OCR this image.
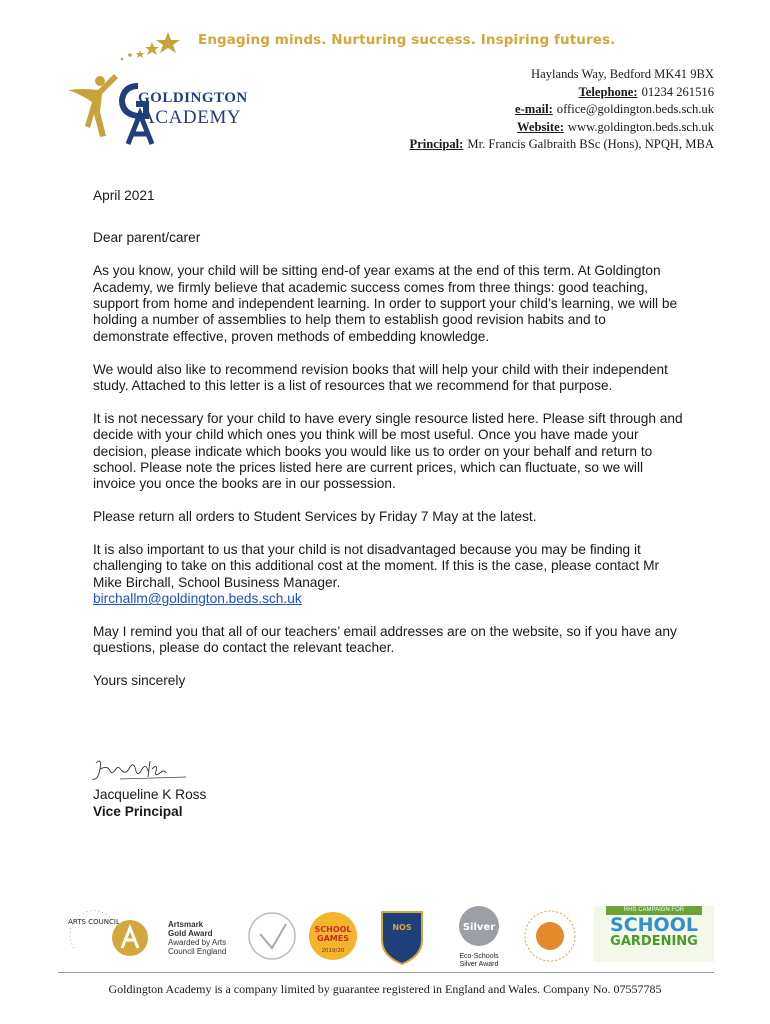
Engaging minds. Nurturing success. Inspiring futures.
GOLDINGTON
ACADEMY
Haylands Way, Bedford MK41 9BX
Telephone: 01234 261516
e-mail: office@goldington.beds.sch.uk
Website: www.goldington.beds.sch.uk
Principal: Mr. Francis Galbraith BSc (Hons), NPQH, MBA

April 2021

Dear parent/carer

As you know, your child will be sitting end-of year exams at the end of this term. At Goldington Academy, we firmly believe that academic success comes from three things: good teaching, support from home and independent learning. In order to support your child’s learning, we will be holding a number of assemblies to help them to establish good revision habits and to demonstrate effective, proven methods of embedding knowledge.

We would also like to recommend revision books that will help your child with their independent study. Attached to this letter is a list of resources that we recommend for that purpose.

It is not necessary for your child to have every single resource listed here. Please sift through and decide with your child which ones you think will be most useful. Once you have made your decision, please indicate which books you would like us to order on your behalf and return to school. Please note the prices listed here are current prices, which can fluctuate, so we will invoice you once the books are in our possession.

Please return all orders to Student Services by Friday 7 May at the latest.

It is also important to us that your child is not disadvantaged because you may be finding it challenging to take on this additional cost at the moment. If this is the case, please contact Mr Mike Birchall, School Business Manager.

birchallm@goldington.beds.sch.uk

May I remind you that all of our teachers’ email addresses are on the website, so if you have any questions, please do contact the relevant teacher.

Yours sincerely

Jacqueline K Ross
Vice Principal
ARTS COUNCIL	Artsmark
Gold Award
Awarded by Arts
Council England
SCHOOL
GAMES
2019/20
NOS	Silver
Eco-Schools
Silver Award
RHS CAMPAIGN FOR
SCHOOL
GARDENING
Goldington Academy is a company limited by guarantee registered in England and Wales. Company No. 07557785
